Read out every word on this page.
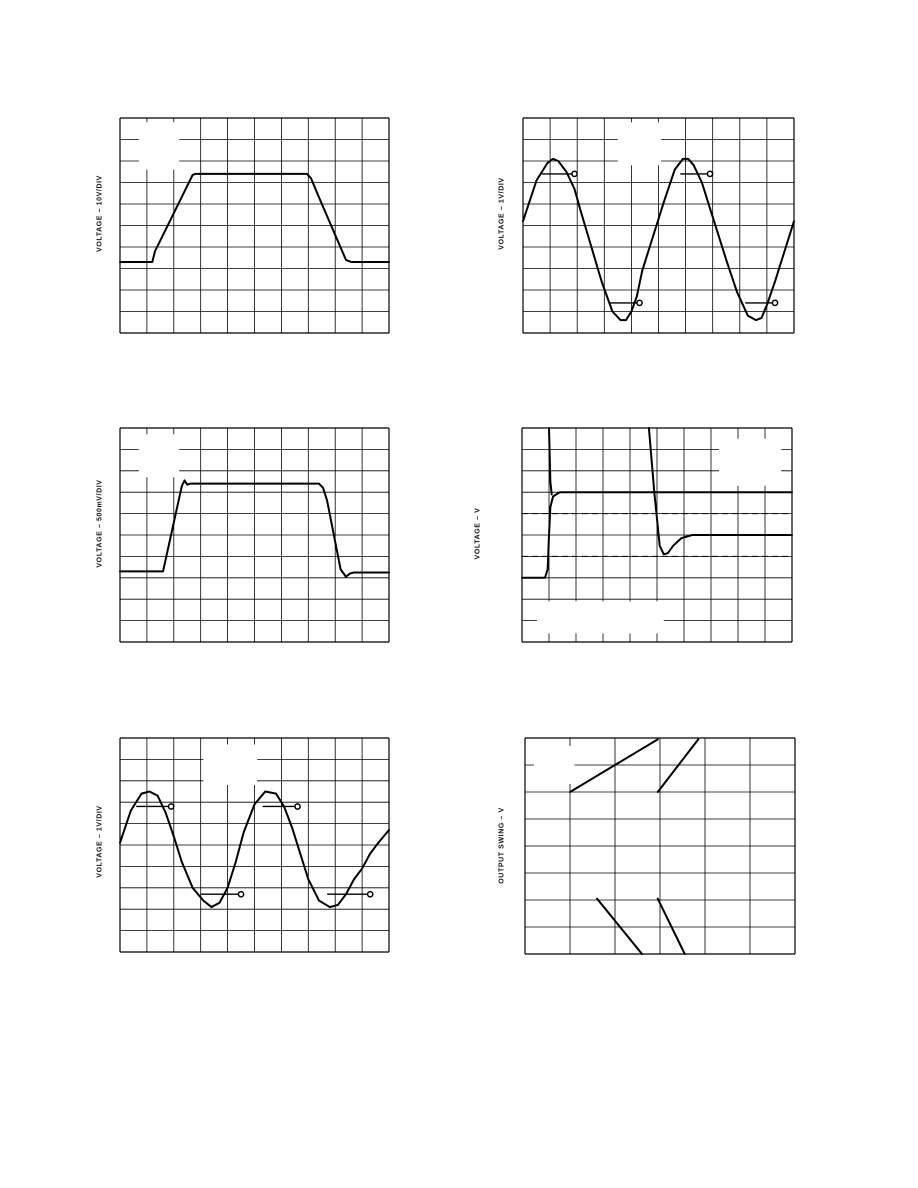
VOLTAGE – 10V/DIV	VOLTAGE – 1V/DIV
VOLTAGE – 500mV/DIV	VOLTAGE – V
VOLTAGE – 1V/DIV	OUTPUT SWING – V
